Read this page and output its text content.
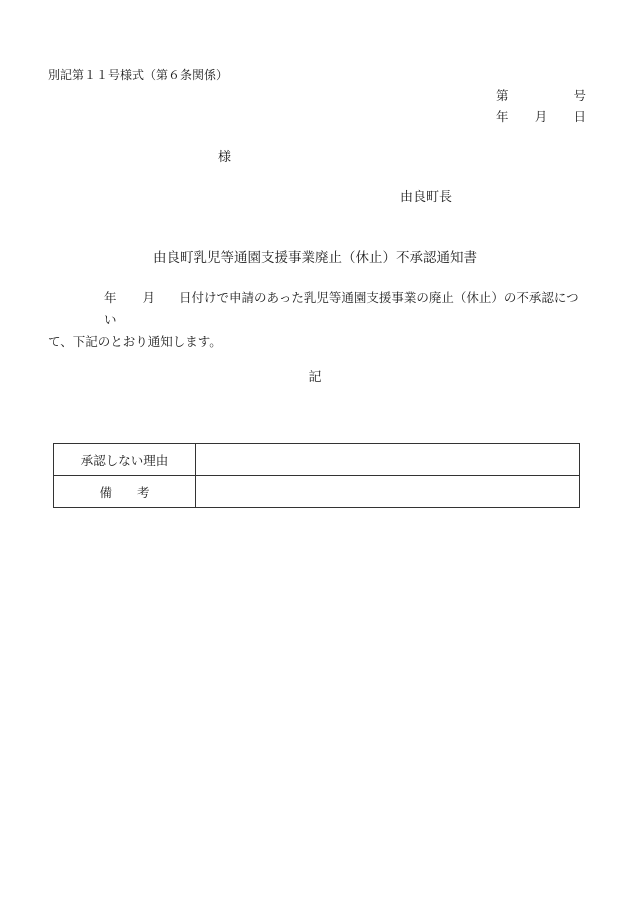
別記第１１号様式（第６条関係）
第	号
年 月 日
様
由良町長
由良町乳児等通園支援事業廃止（休止）不承認通知書
年 月 日付けで申請のあった乳児等通園支援事業の廃止（休止）の不承認につい
て、下記のとおり通知します。
記
承認しない理由	
備　　考	
